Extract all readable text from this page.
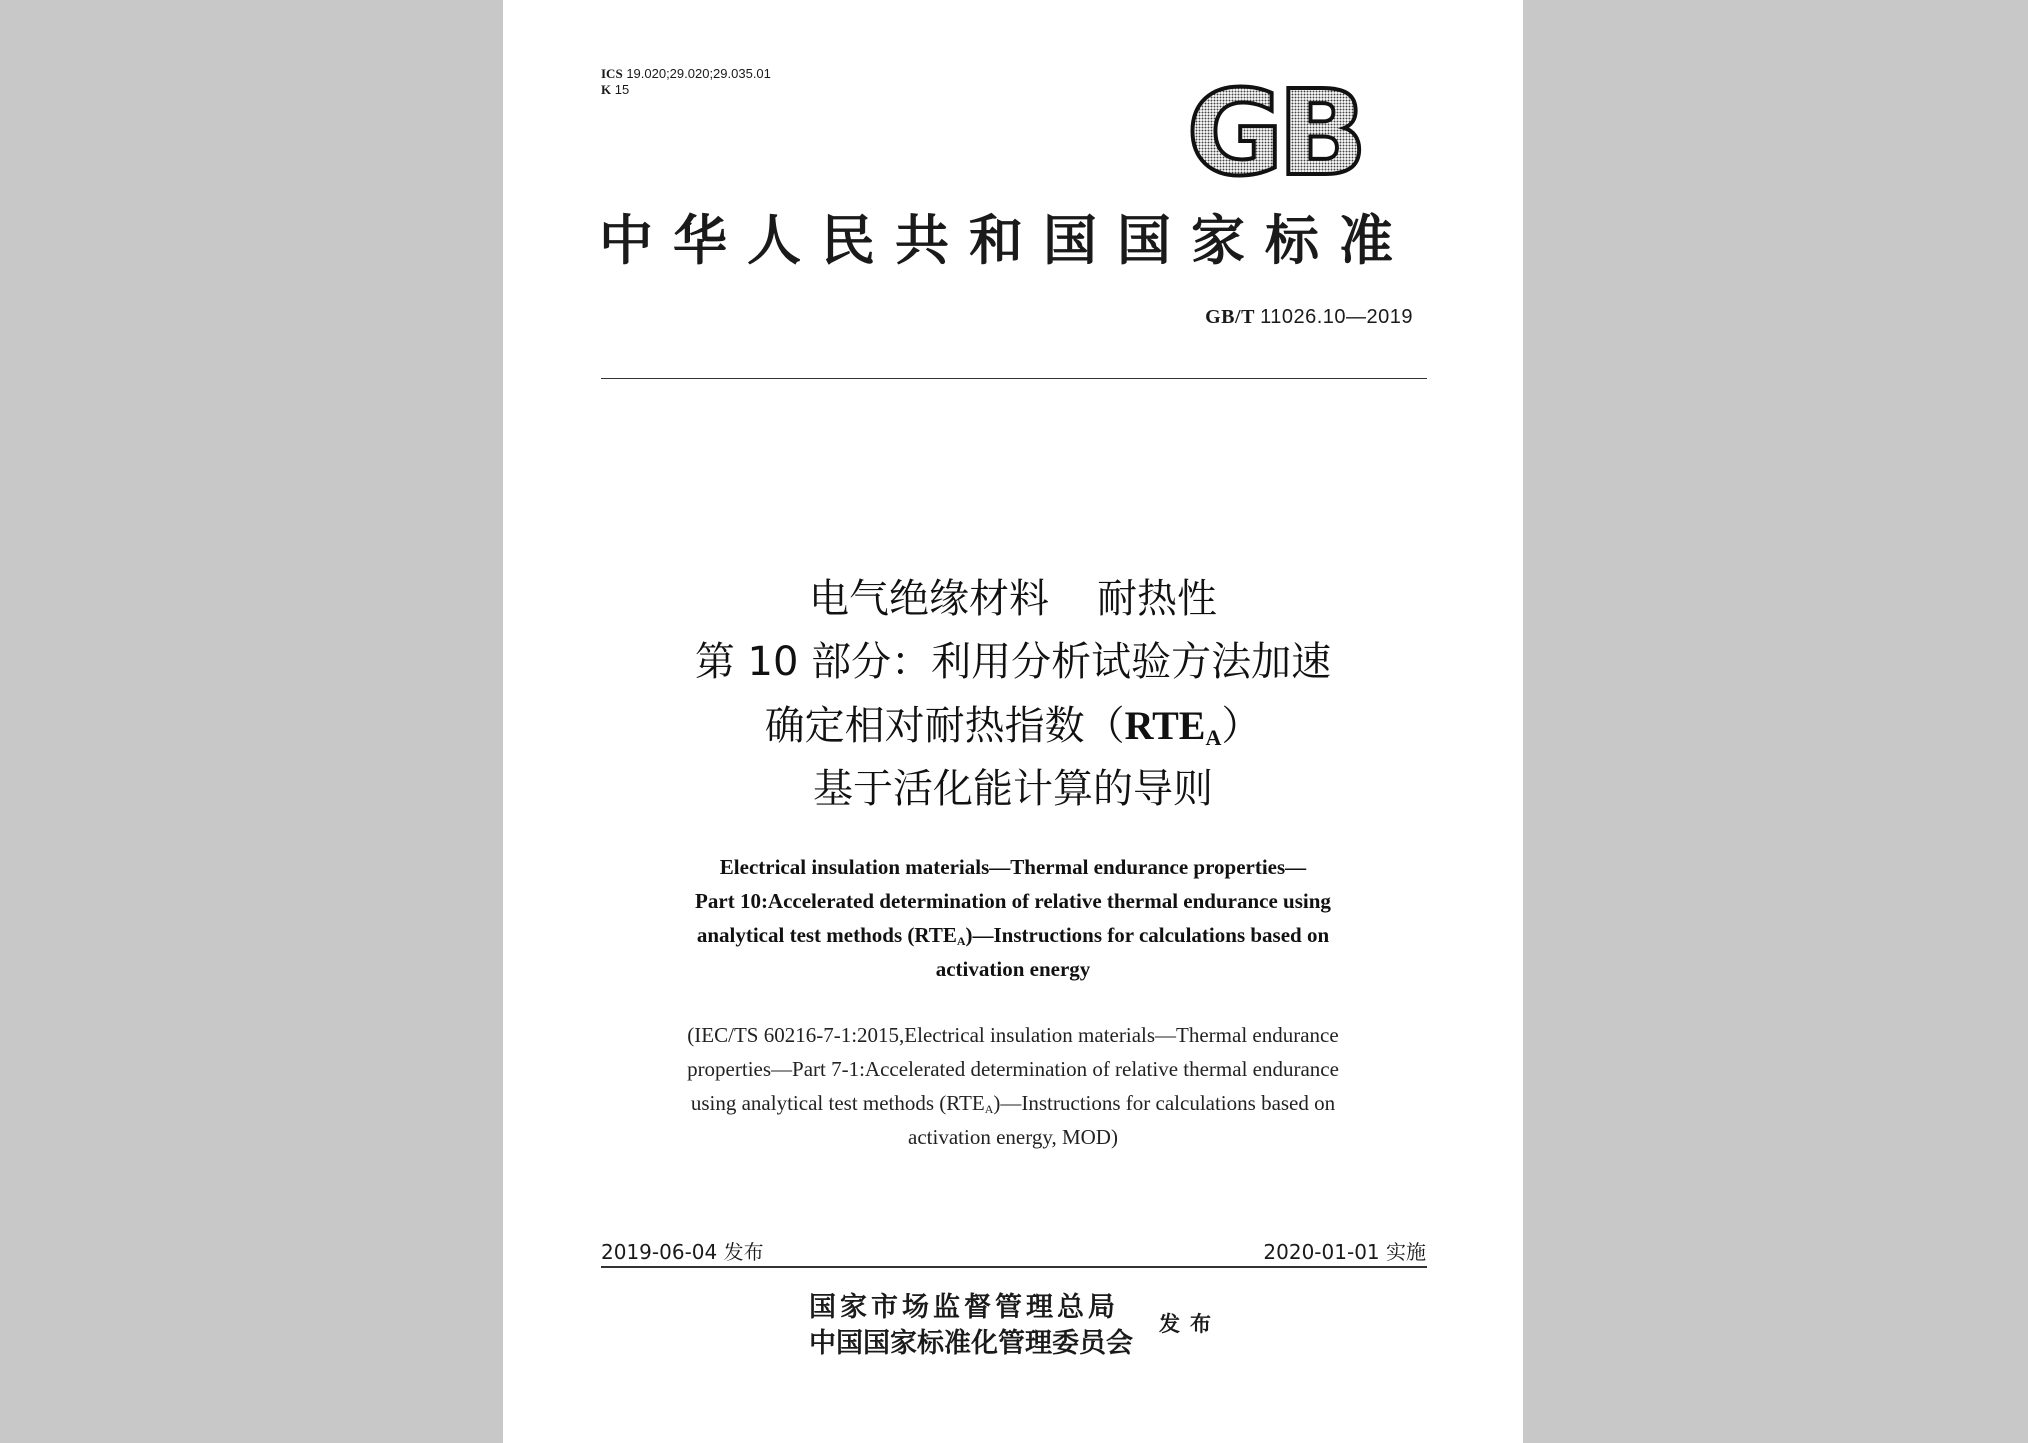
ICS 19.020;29.020;29.035.01
K 15	GB
中华人民共和国国家标准
GB/T 11026.10—2019
电气绝缘材料 耐热性
第 10 部分：利用分析试验方法加速
确定相对耐热指数$(RTE_A)$
基于活化能计算的导则
Electrical insulation materials—Thermal endurance properties—
Part 10:Accelerated determination of relative thermal endurance using
analytical test methods $(RTE_A)—Instructions$ for calculations based on
activation energy
(IEC/TS 60216-7-1:2015,Electrical insulation materials—Thermal endurance
properties—Part 7-1:Accelerated determination of relative thermal endurance
using analytical test methods $(RTE_A)—Instructions$ for calculations based on
activation energy, MOD)
2019-06-04 发布	2020-01-01 实施
国家市场监督管理总局
中国国家标准化管理委员会
发布
